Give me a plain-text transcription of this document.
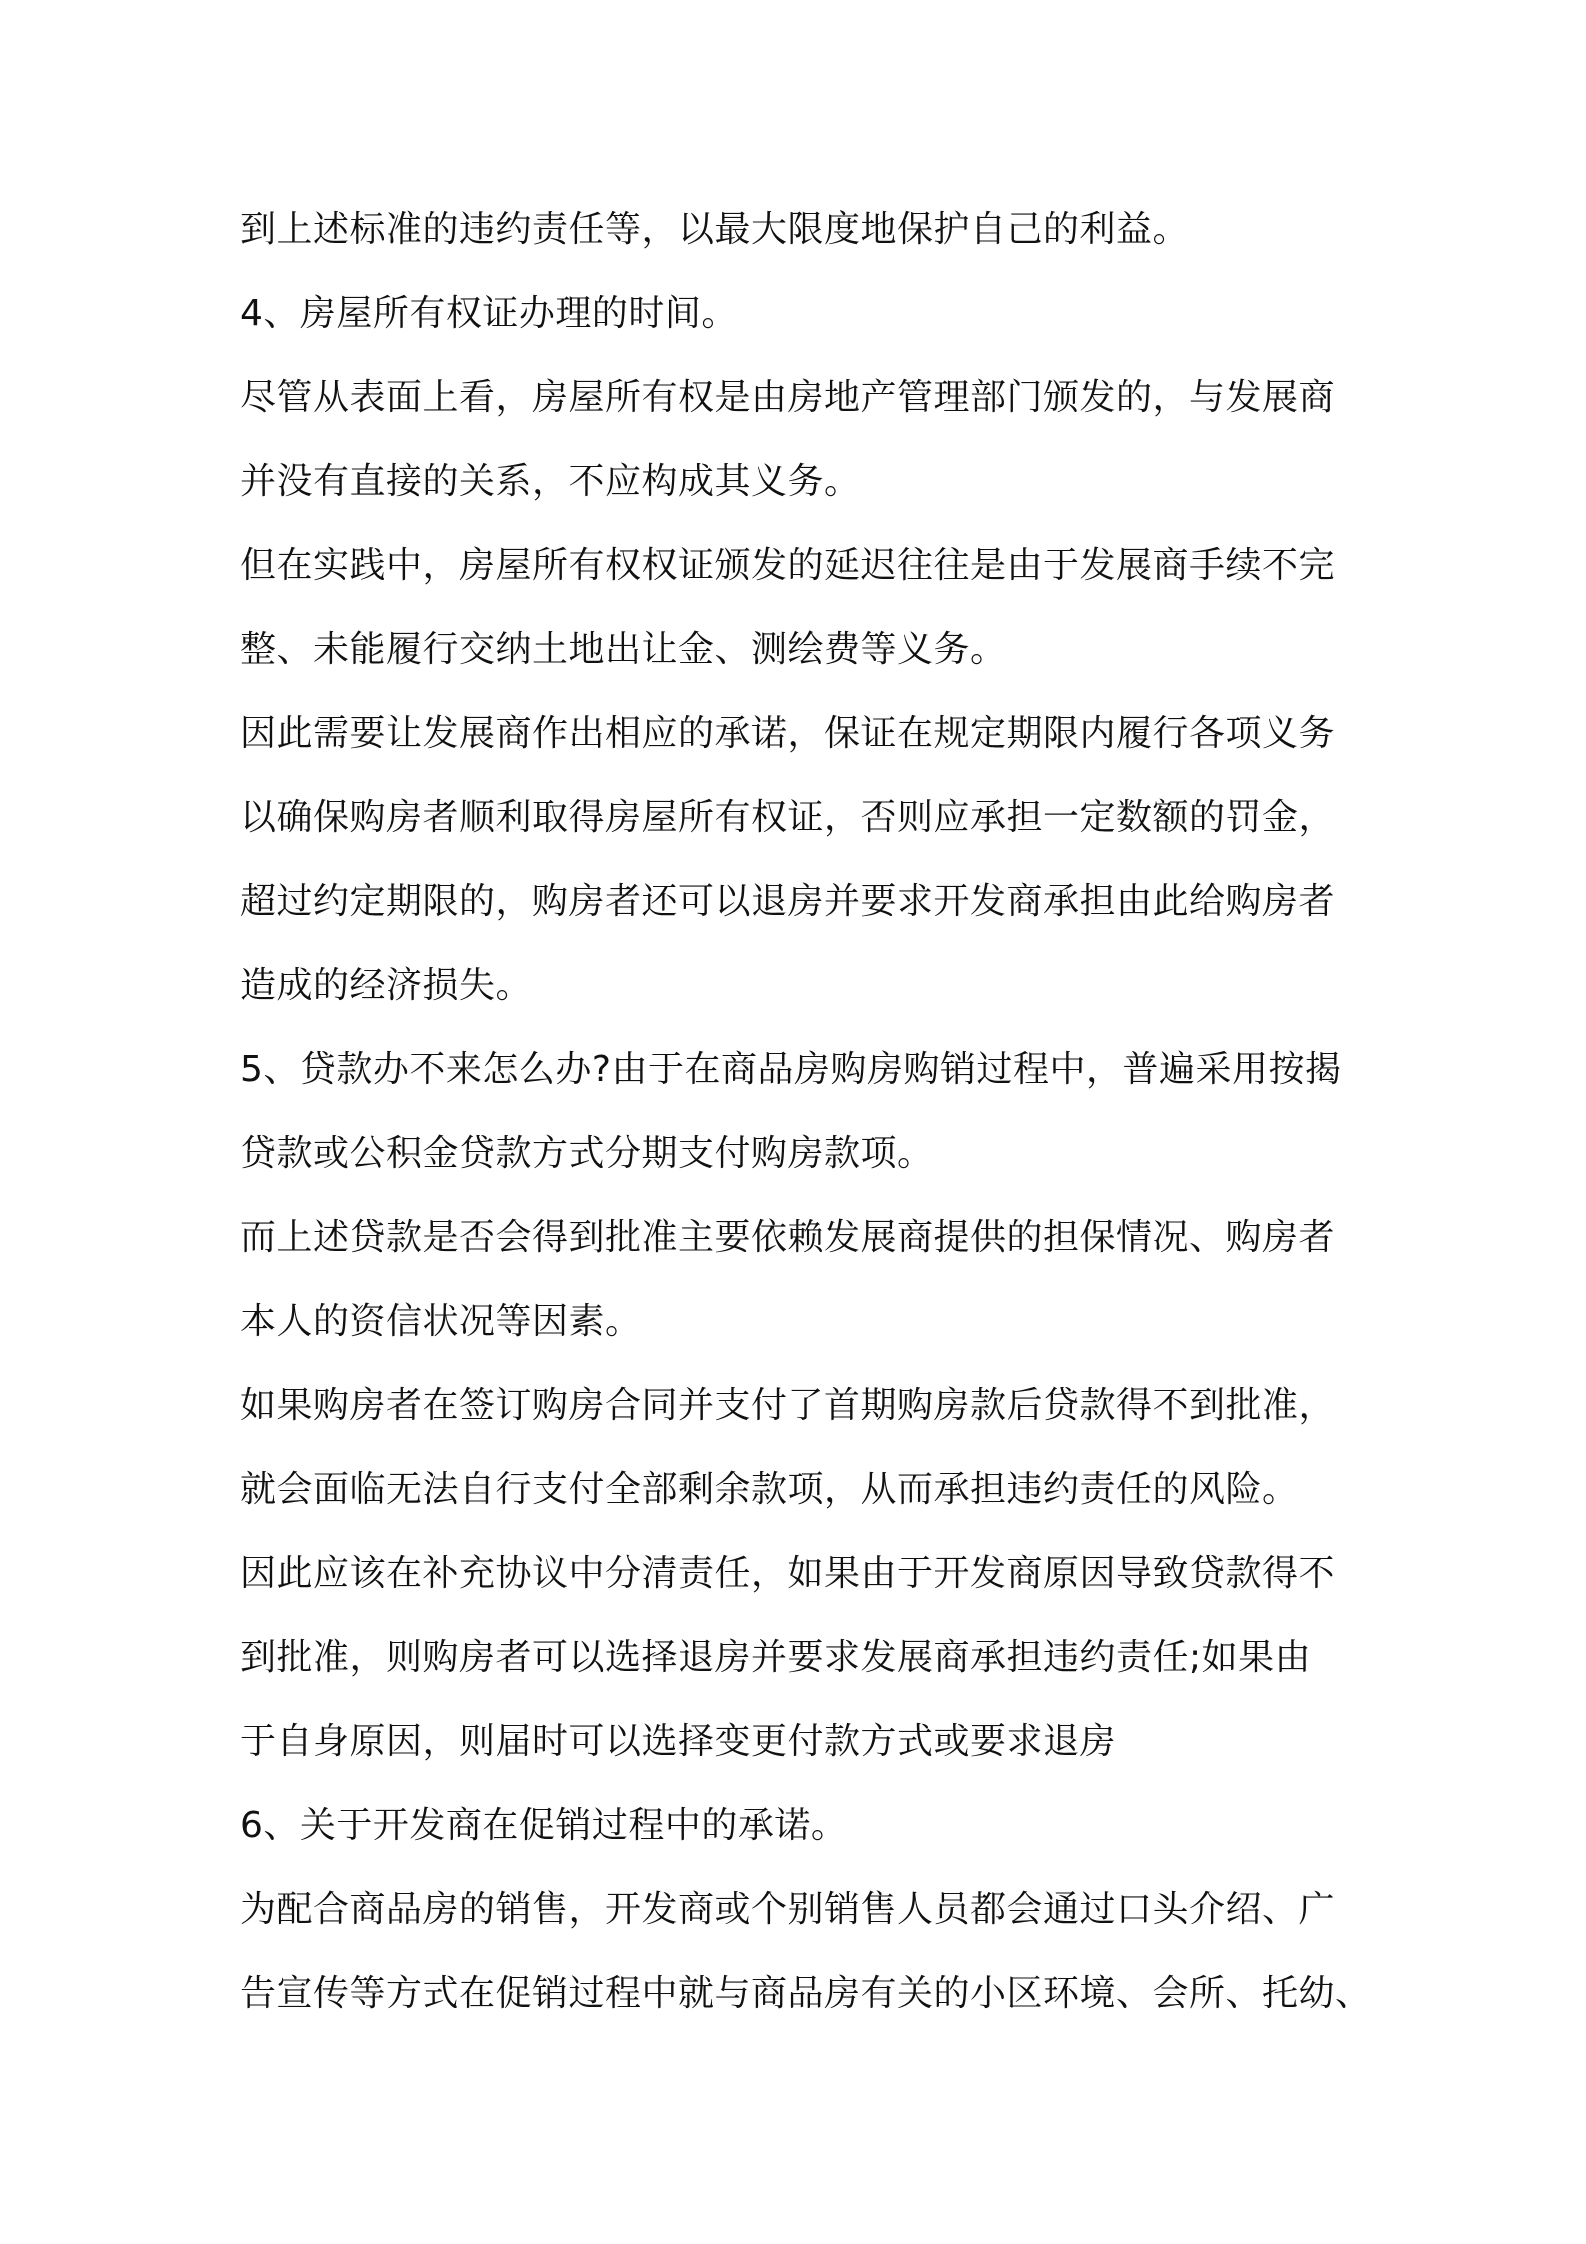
到上述标准的违约责任等，以最大限度地保护自己的利益。
4、房屋所有权证办理的时间。
尽管从表面上看，房屋所有权是由房地产管理部门颁发的，与发展商
并没有直接的关系，不应构成其义务。
但在实践中，房屋所有权权证颁发的延迟往往是由于发展商手续不完
整、未能履行交纳土地出让金、测绘费等义务。
因此需要让发展商作出相应的承诺，保证在规定期限内履行各项义务
以确保购房者顺利取得房屋所有权证，否则应承担一定数额的罚金，
超过约定期限的，购房者还可以退房并要求开发商承担由此给购房者
造成的经济损失。
5、贷款办不来怎么办?由于在商品房购房购销过程中，普遍采用按揭
贷款或公积金贷款方式分期支付购房款项。
而上述贷款是否会得到批准主要依赖发展商提供的担保情况、购房者
本人的资信状况等因素。
如果购房者在签订购房合同并支付了首期购房款后贷款得不到批准，
就会面临无法自行支付全部剩余款项，从而承担违约责任的风险。
因此应该在补充协议中分清责任，如果由于开发商原因导致贷款得不
到批准，则购房者可以选择退房并要求发展商承担违约责任;如果由
于自身原因，则届时可以选择变更付款方式或要求退房
6、关于开发商在促销过程中的承诺。
为配合商品房的销售，开发商或个别销售人员都会通过口头介绍、广
告宣传等方式在促销过程中就与商品房有关的小区环境、会所、托幼、
